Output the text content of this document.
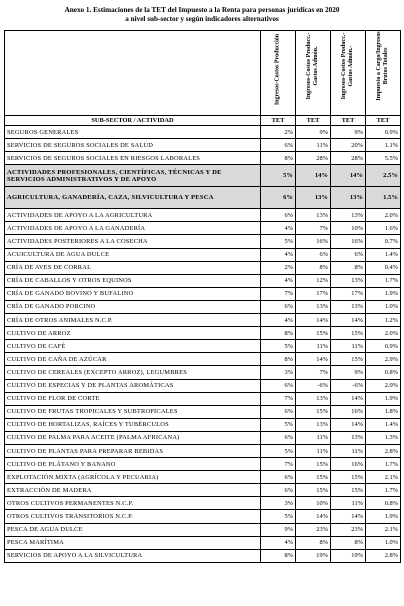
Anexo 1. Estimaciones de la TET del Impuesto a la Renta para personas jurídicas en 2020
a nivel sub-sector y según indicadores alternativos

	Ingresos-Costos Producción	Ingresos-Costos Producc.-Gastos Admón.	Ingresos-Costos Producc.-Gastos Admón.-	Impuesto a Cargo/Ingresos Brutos Totales

SUB-SECTOR / ACTIVIDAD	TET	TET	TET	TET
SEGUROS GENERALES	2%	9%	9%	0.9%
SERVICIOS DE SEGUROS SOCIALES DE SALUD	6%	11%	20%	1.1%
SERVICIOS DE SEGUROS SOCIALES EN RIESGOS LABORALES	8%	28%	28%	5.5%
ACTIVIDADES PROFESIONALES, CIENTÍFICAS, TÉCNICAS Y DE SERVICIOS ADMINISTRATIVOS Y DE APOYO	5%	14%	14%	2.5%
AGRICULTURA, GANADERÍA, CAZA, SILVICULTURA Y PESCA	6%	13%	13%	1.5%
ACTIVIDADES DE APOYO A LA AGRICULTURA	6%	13%	13%	2.0%
ACTIVIDADES DE APOYO A LA GANADERÍA	4%	7%	10%	1.6%
ACTIVIDADES POSTERIORES A LA COSECHA	5%	16%	16%	0.7%
ACUICULTURA DE AGUA DULCE	4%	6%	6%	1.4%
CRÍA DE AVES DE CORRAL	2%	8%	8%	0.4%
CRÍA DE CABALLOS Y OTROS EQUINOS	4%	12%	13%	1.7%
CRÍA DE GANADO BOVINO Y BUFALINO	7%	17%	17%	1.9%
CRÍA DE GANADO PORCINO	6%	13%	13%	1.0%
CRÍA DE OTROS ANIMALES N.C.P.	4%	14%	14%	1.2%
CULTIVO DE ARROZ	8%	15%	15%	2.0%
CULTIVO DE CAFÉ	5%	11%	11%	0.9%
CULTIVO DE CAÑA DE AZÚCAR	8%	14%	15%	2.9%
CULTIVO DE CEREALES (EXCEPTO ARROZ), LEGUMBRES	3%	7%	9%	0.8%
CULTIVO DE ESPECIAS Y DE PLANTAS AROMÁTICAS	6%	-6%	-6%	2.0%
CULTIVO DE FLOR DE CORTE	7%	13%	14%	1.9%
CULTIVO DE FRUTAS TROPICALES Y SUBTROPICALES	6%	15%	16%	1.8%
CULTIVO DE HORTALIZAS, RAÍCES Y TUBÉRCULOS	5%	13%	14%	1.4%
CULTIVO DE PALMA PARA ACEITE (PALMA AFRICANA)	6%	11%	13%	1.3%
CULTIVO DE PLANTAS PARA PREPARAR BEBIDAS	5%	11%	11%	2.8%
CULTIVO DE PLÁTANO Y BANANO	7%	15%	16%	1.7%
EXPLOTACIÓN MIXTA (AGRÍCOLA Y PECUARIA)	6%	15%	15%	2.1%
EXTRACCIÓN DE MADERA	6%	15%	15%	1.7%
OTROS CULTIVOS PERMANENTES N.C.P.	3%	10%	11%	0.8%
OTROS CULTIVOS TRANSITORIOS N.C.P.	5%	14%	14%	1.9%
PESCA DE AGUA DULCE	9%	23%	23%	2.1%
PESCA MARÍTIMA	4%	8%	8%	1.0%
SERVICIOS DE APOYO A LA SILVICULTURA	8%	19%	19%	2.8%
